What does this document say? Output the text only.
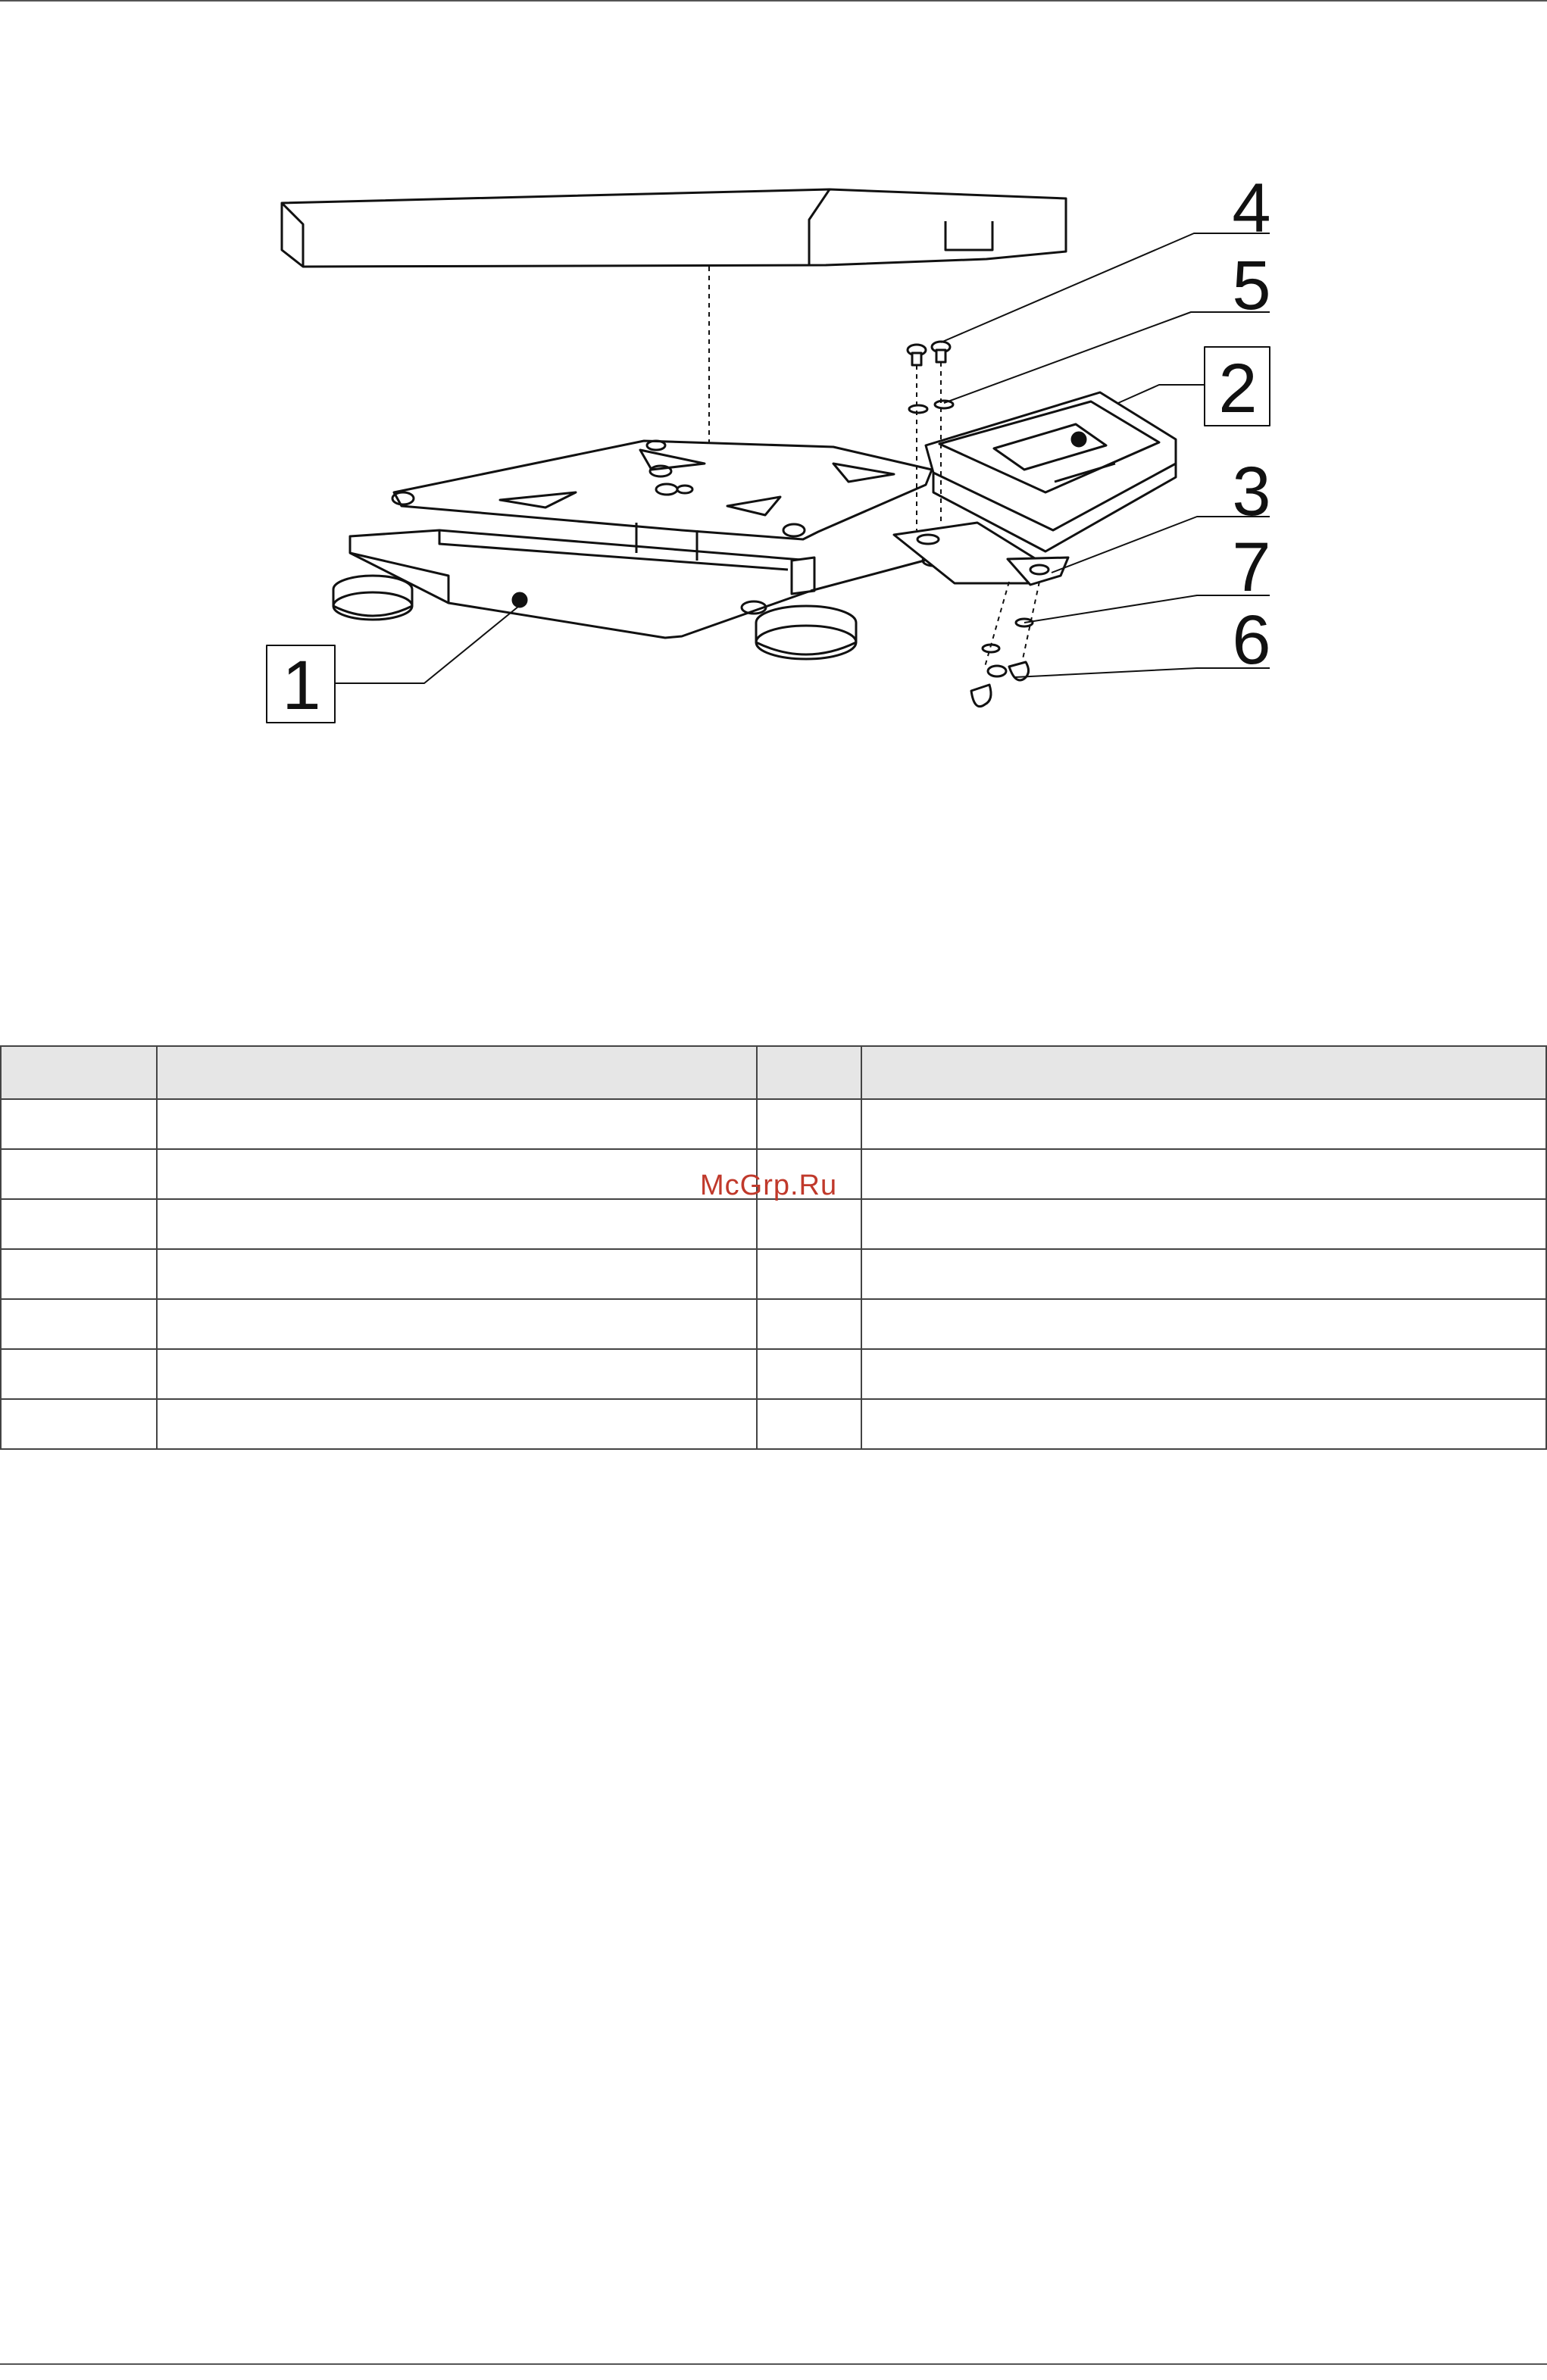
1
2
3
4
5
6
7

McGrp.Ru
